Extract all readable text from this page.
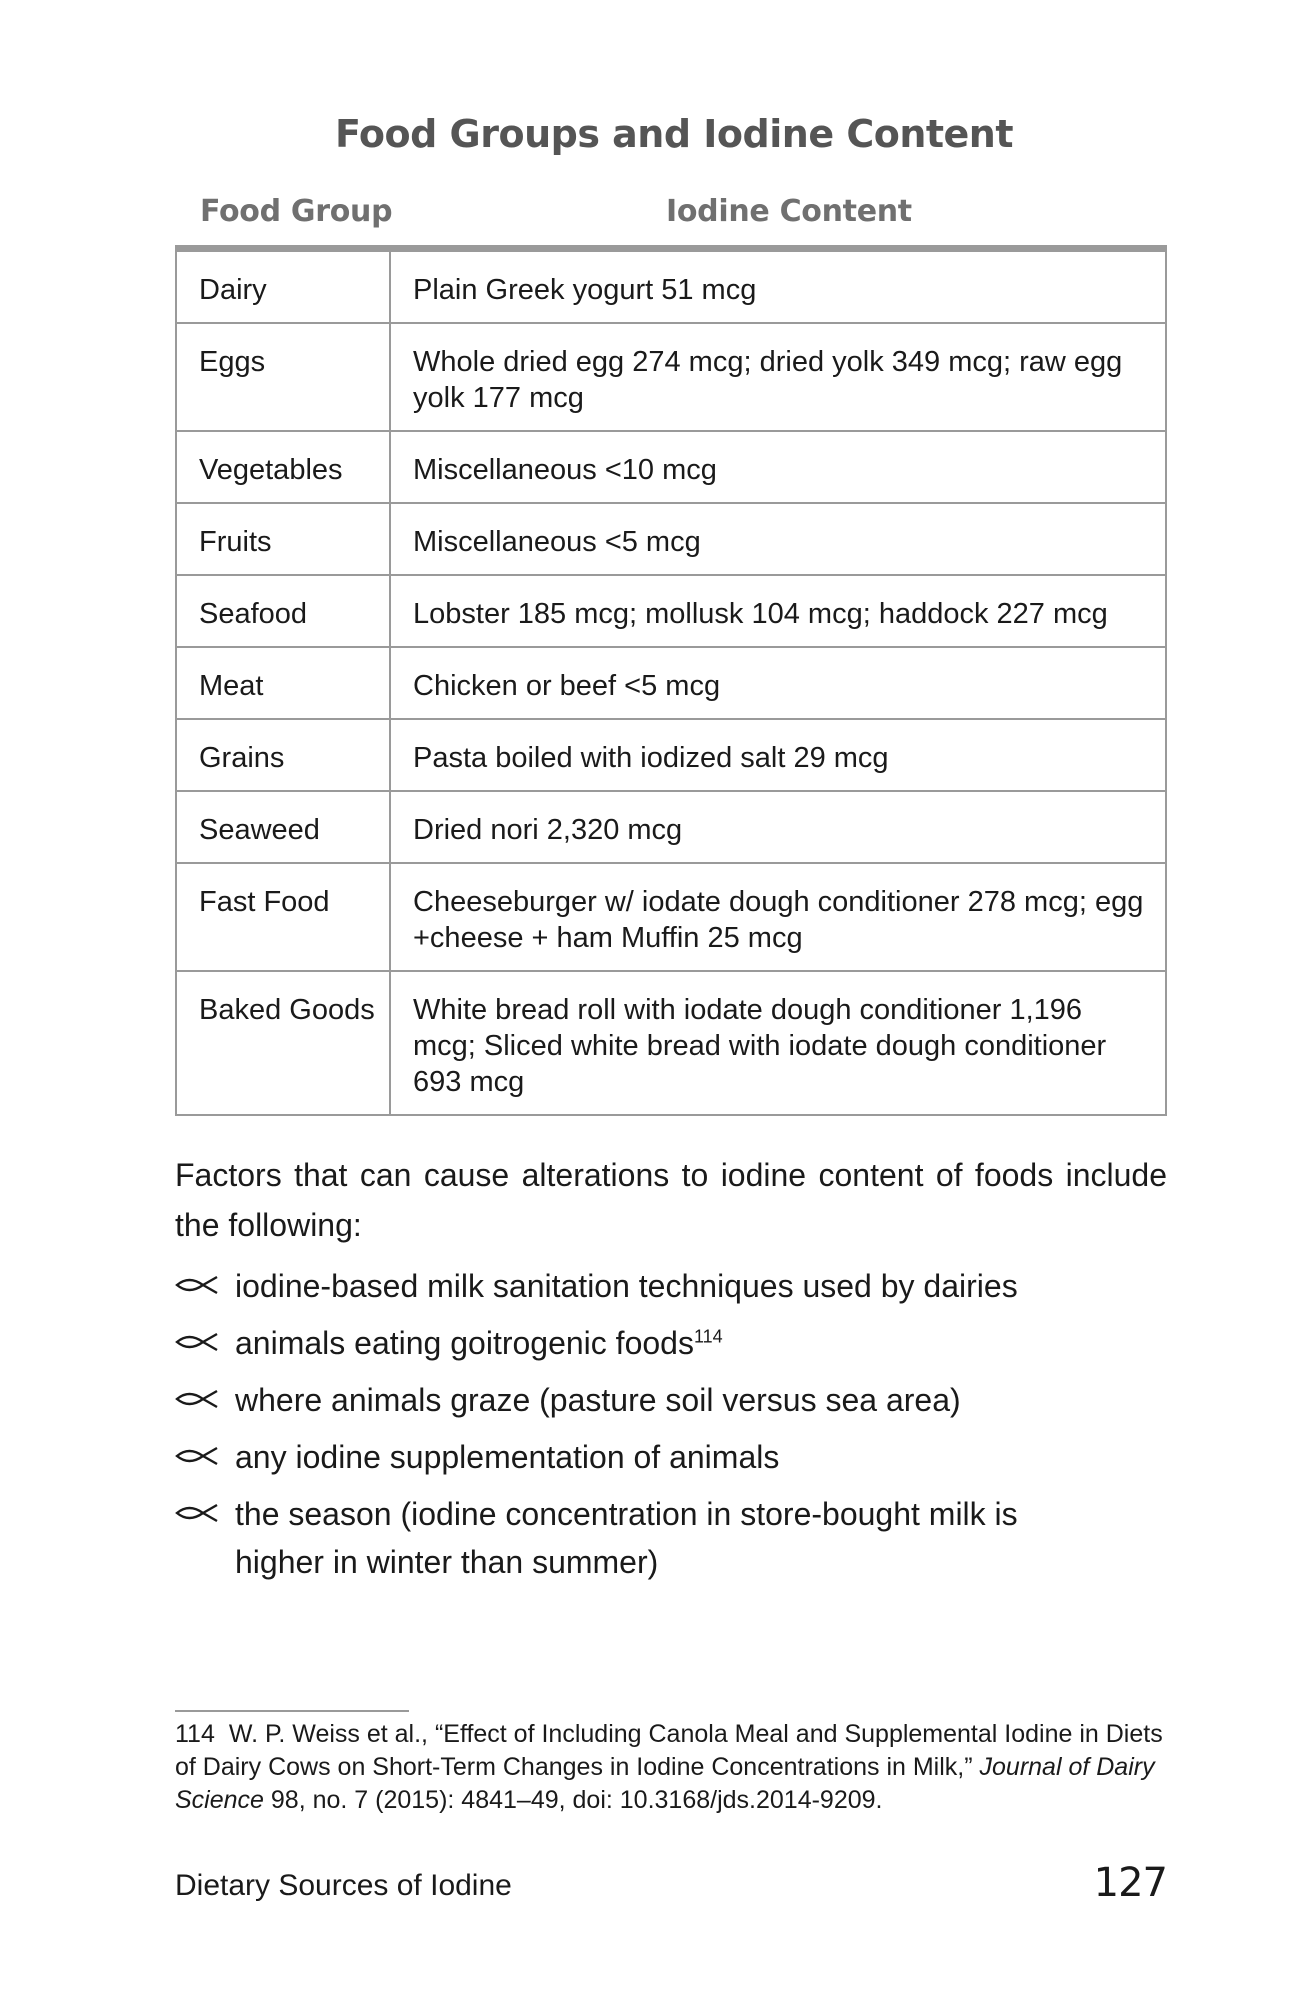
Food Groups and Iodine Content
Food Group	Iodine Content
Dairy	Plain Greek yogurt 51 mcg
Eggs	Whole dried egg 274 mcg; dried yolk 349 mcg; raw egg yolk 177 mcg
Vegetables	Miscellaneous <10 mcg
Fruits	Miscellaneous <5 mcg
Seafood	Lobster 185 mcg; mollusk 104 mcg; haddock 227 mcg
Meat	Chicken or beef <5 mcg
Grains	Pasta boiled with iodized salt 29 mcg
Seaweed	Dried nori 2,320 mcg
Fast Food	Cheeseburger w/ iodate dough conditioner 278 mcg; egg +cheese + ham Muffin 25 mcg
Baked Goods	White bread roll with iodate dough conditioner 1,196 mcg; Sliced white bread with iodate dough conditioner 693 mcg
Factors that can cause alterations to iodine content of foods include the following:
iodine-based milk sanitation techniques used by dairies
animals eating goitrogenic foods$^{114}$
where animals graze (pasture soil versus sea area)
any iodine supplementation of animals
the season (iodine concentration in store-bought milk is higher in winter than summer)
114 W. P. Weiss et al., “Effect of Including Canola Meal and Supplemental Iodine in Diets of Dairy Cows on Short-Term Changes in Iodine Concentrations in Milk,” Journal of Dairy Science 98, no. 7 (2015): 4841–49, doi: 10.3168/jds.2014-9209.
Dietary Sources of Iodine	127
